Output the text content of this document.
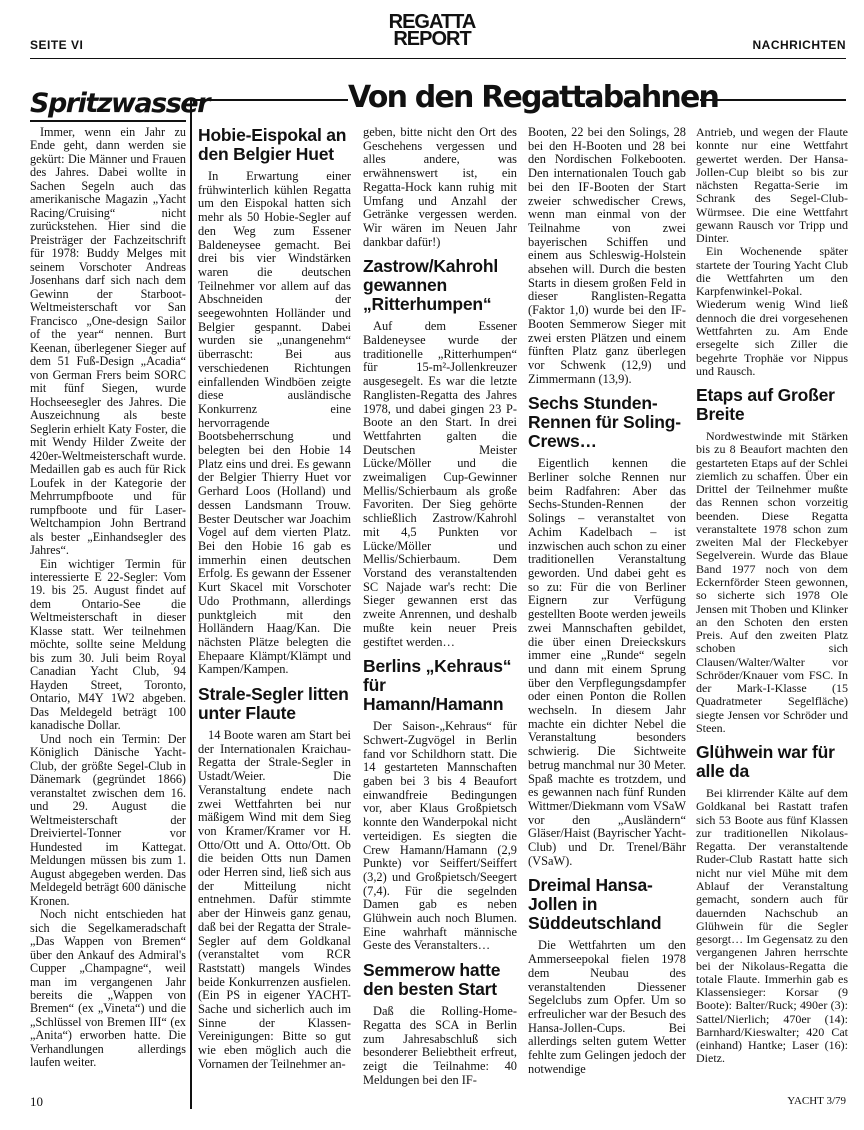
SEITE VI
REGATTA
REPORT	NACHRICHTEN
Spritzwasser	Von den Regattabahnen

Immer, wenn ein Jahr zu Ende geht, dann werden sie gekürt: Die Männer und Frauen des Jahres. Dabei wollte in Sachen Segeln auch das amerikanische Magazin „Yacht Racing/Cruising“ nicht zurückstehen. Hier sind die Preisträger der Fachzeitschrift für 1978: Buddy Melges mit seinem Vorschoter Andreas Josenhans darf sich nach dem Gewinn der Starboot-Weltmeisterschaft vor San Francisco „One-design Sailor of the year“ nennen. Burt Keenan, überlegener Sieger auf dem 51 Fuß-Design „Acadia“ von German Frers beim SORC mit fünf Siegen, wurde Hochseesegler des Jahres. Die Auszeichnung als beste Seglerin erhielt Katy Foster, die mit Wendy Hilder Zweite der 420er-Weltmeisterschaft wurde. Medaillen gab es auch für Rick Loufek in der Kategorie der Mehrrumpfboote und für rumpfboote und für Laser-Weltchampion John Bertrand als bester „Einhandsegler des Jahres“.

Ein wichtiger Termin für interessierte E 22-Segler: Vom 19. bis 25. August findet auf dem Ontario-See die Weltmeisterschaft in dieser Klasse statt. Wer teilnehmen möchte, sollte seine Meldung bis zum 30. Juli beim Royal Canadian Yacht Club, 94 Hayden Street, Toronto, Ontario, M4Y 1W2 abgeben. Das Meldegeld beträgt 100 kanadische Dollar.

Und noch ein Termin: Der Königlich Dänische Yacht-Club, der größte Segel-Club in Dänemark (gegründet 1866) veranstaltet zwischen dem 16. und 29. August die Weltmeisterschaft der Dreiviertel-Tonner vor Hundested im Kattegat. Meldungen müssen bis zum 1. August abgegeben werden. Das Meldegeld beträgt 600 dänische Kronen.

Noch nicht entschieden hat sich die Segelkameradschaft „Das Wappen von Bremen“ über den Ankauf des Admiral's Cupper „Champagne“, weil man im vergangenen Jahr bereits die „Wappen von Bremen“ (ex „Vineta“) und die „Schlüssel von Bremen III“ (ex „Anita“) erworben hatte. Die Verhandlungen allerdings laufen weiter.

Hobie-Eispokal an den Belgier Huet

In Erwartung einer frühwinterlich kühlen Regatta um den Eispokal hatten sich mehr als 50 Hobie-Segler auf den Weg zum Essener Baldeneysee gemacht. Bei drei bis vier Windstärken waren die deutschen Teilnehmer vor allem auf das Abschneiden der seegewohnten Holländer und Belgier gespannt. Dabei wurden sie „unangenehm“ überrascht: Bei aus verschiedenen Richtungen einfallenden Windböen zeigte diese ausländische Konkurrenz eine hervorragende Bootsbeherrschung und belegten bei den Hobie 14 Platz eins und drei. Es gewann der Belgier Thierry Huet vor Gerhard Loos (Holland) und dessen Landsmann Trouw. Bester Deutscher war Joachim Vogel auf dem vierten Platz. Bei den Hobie 16 gab es immerhin einen deutschen Erfolg. Es gewann der Essener Kurt Skacel mit Vorschoter Udo Prothmann, allerdings punktgleich mit den Holländern Haag/Kan. Die nächsten Plätze belegten die Ehepaare Klämpt/Klämpt und Kampen/Kampen.

Strale-Segler litten unter Flaute

14 Boote waren am Start bei der Internationalen Kraichau-Regatta der Strale-Segler in Ustadt/Weier. Die Veranstaltung endete nach zwei Wettfahrten bei nur mäßigem Wind mit dem Sieg von Kramer/Kramer vor H. Otto/Ott und A. Otto/Ott. Ob die beiden Otts nun Damen oder Herren sind, ließ sich aus der Mitteilung nicht entnehmen. Dafür stimmte aber der Hinweis ganz genau, daß bei der Regatta der Strale-Segler auf dem Goldkanal (veranstaltet vom RCR Raststatt) mangels Windes beide Konkurrenzen ausfielen. (Ein PS in eigener YACHT-Sache und sicherlich auch im Sinne der Klassen-Vereinigungen: Bitte so gut wie eben möglich auch die Vornamen der Teilnehmer an-

geben, bitte nicht den Ort des Geschehens vergessen und alles andere, was erwähnenswert ist, ein Regatta-Hock kann ruhig mit Umfang und Anzahl der Getränke vergessen werden. Wir wären im Neuen Jahr dankbar dafür!)

Zastrow/Kahrohl gewannen „Ritterhumpen“

Auf dem Essener Baldeneysee wurde der traditionelle „Ritterhumpen“ für 15-m²-Jollenkreuzer ausgesegelt. Es war die letzte Ranglisten-Regatta des Jahres 1978, und dabei gingen 23 P-Boote an den Start. In drei Wettfahrten galten die Deutschen Meister Lücke/Möller und die zweimaligen Cup-Gewinner Mellis/Schierbaum als große Favoriten. Der Sieg gehörte schließlich Zastrow/Kahrohl mit 4,5 Punkten vor Lücke/Möller und Mellis/Schierbaum. Dem Vorstand des veranstaltenden SC Najade war's recht: Die Sieger gewannen erst das zweite Anrennen, und deshalb mußte kein neuer Preis gestiftet werden…

Berlins „Kehraus“ für Hamann/Hamann

Der Saison-„Kehraus“ für Schwert-Zugvögel in Berlin fand vor Schildhorn statt. Die 14 gestarteten Mannschaften gaben bei 3 bis 4 Beaufort einwandfreie Bedingungen vor, aber Klaus Großpietsch konnte den Wanderpokal nicht verteidigen. Es siegten die Crew Hamann/Hamann (2,9 Punkte) vor Seiffert/Seiffert (3,2) und Großpietsch/Seegert (7,4). Für die segelnden Damen gab es neben Glühwein auch noch Blumen. Eine wahrhaft männische Geste des Veranstalters…

Semmerow hatte den besten Start

Daß die Rolling-Home-Regatta des SCA in Berlin zum Jahresabschluß sich besonderer Beliebtheit erfreut, zeigt die Teilnahme: 40 Meldungen bei den IF-

Booten, 22 bei den Solings, 28 bei den H-Booten und 28 bei den Nordischen Folkebooten. Den internationalen Touch gab bei den IF-Booten der Start zweier schwedischer Crews, wenn man einmal von der Teilnahme von zwei bayerischen Schiffen und einem aus Schleswig-Holstein absehen will. Durch die besten Starts in diesem großen Feld in dieser Ranglisten-Regatta (Faktor 1,0) wurde bei den IF-Booten Semmerow Sieger mit zwei ersten Plätzen und einem fünften Platz ganz überlegen vor Schwenk (12,9) und Zimmermann (13,9).

Sechs Stunden-Rennen für Soling-Crews…

Eigentlich kennen die Berliner solche Rennen nur beim Radfahren: Aber das Sechs-Stunden-Rennen der Solings – veranstaltet von Achim Kadelbach – ist inzwischen auch schon zu einer traditionellen Veranstaltung geworden. Und dabei geht es so zu: Für die von Berliner Eignern zur Verfügung gestellten Boote werden jeweils zwei Mannschaften gebildet, die über einen Dreieckskurs immer eine „Runde“ segeln und dann mit einem Sprung über den Verpflegungsdampfer oder einen Ponton die Rollen wechseln. In diesem Jahr machte ein dichter Nebel die Veranstaltung besonders schwierig. Die Sichtweite betrug manchmal nur 30 Meter. Spaß machte es trotzdem, und es gewannen nach fünf Runden Wittmer/Diekmann vom VSaW vor den „Ausländern“ Gläser/Haist (Bayrischer Yacht-Club) und Dr. Trenel/Bähr (VSaW).

Dreimal Hansa-Jollen in Süddeutschland

Die Wettfahrten um den Ammerseepokal fielen 1978 dem Neubau des veranstaltenden Diessener Segelclubs zum Opfer. Um so erfreulicher war der Besuch des Hansa-Jollen-Cups. Bei allerdings selten gutem Wetter fehlte zum Gelingen jedoch der notwendige

Antrieb, und wegen der Flaute konnte nur eine Wettfahrt gewertet werden. Der Hansa-Jollen-Cup bleibt so bis zur nächsten Regatta-Serie im Schrank des Segel-Club-Würmsee. Die eine Wettfahrt gewann Rausch vor Tripp und Dinter.

Ein Wochenende später startete der Touring Yacht Club die Wettfahrten um den Karpfenwinkel-Pokal. Wiederum wenig Wind ließ dennoch die drei vorgesehenen Wettfahrten zu. Am Ende ersegelte sich Ziller die begehrte Trophäe vor Nippus und Rausch.

Etaps auf Großer Breite

Nordwestwinde mit Stärken bis zu 8 Beaufort machten den gestarteten Etaps auf der Schlei ziemlich zu schaffen. Über ein Drittel der Teilnehmer mußte das Rennen schon vorzeitig beenden. Diese Regatta veranstaltete 1978 schon zum zweiten Mal der Fleckebyer Segelverein. Wurde das Blaue Band 1977 noch von dem Eckernförder Steen gewonnen, so sicherte sich 1978 Ole Jensen mit Thoben und Klinker an den Schoten den ersten Preis. Auf den zweiten Platz schoben sich Clausen/Walter/Walter vor Schröder/Knauer vom FSC. In der Mark-I-Klasse (15 Quadratmeter Segelfläche) siegte Jensen vor Schröder und Steen.

Glühwein war für alle da

Bei klirrender Kälte auf dem Goldkanal bei Rastatt trafen sich 53 Boote aus fünf Klassen zur traditionellen Nikolaus-Regatta. Der veranstaltende Ruder-Club Rastatt hatte sich nicht nur viel Mühe mit dem Ablauf der Veranstaltung gemacht, sondern auch für dauernden Nachschub an Glühwein für die Segler gesorgt… Im Gegensatz zu den vergangenen Jahren herrschte bei der Nikolaus-Regatta die totale Flaute. Immerhin gab es Klassensieger: Korsar (9 Boote): Balter/Ruck; 490er (3): Sattel/Nierlich; 470er (14): Barnhard/Kieswalter; 420 Cat (einhand) Hantke; Laser (16): Dietz.

10	YACHT 3/79
